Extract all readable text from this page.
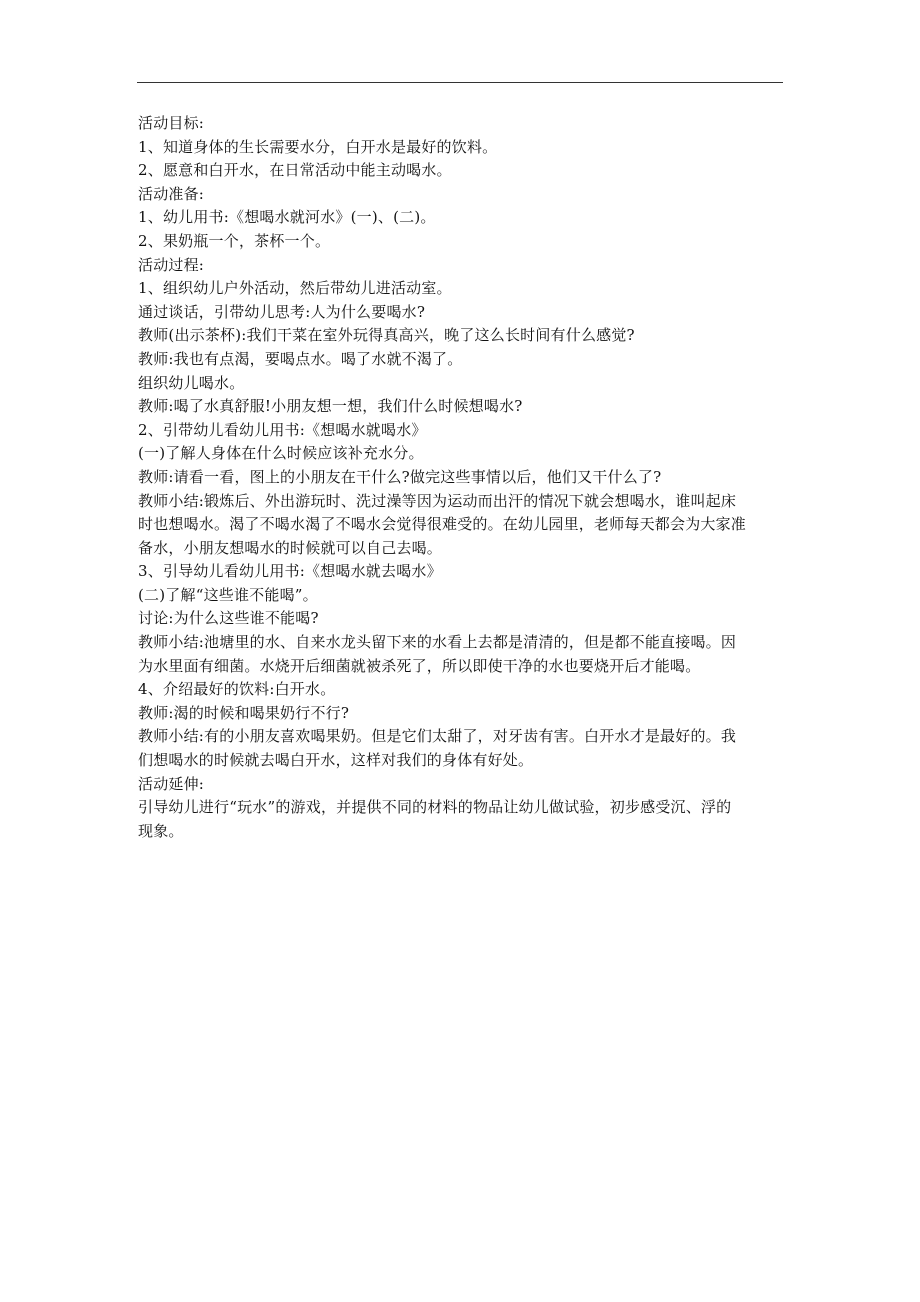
活动目标:
1、知道身体的生长需要水分，白开水是最好的饮料。
2、愿意和白开水，在日常活动中能主动喝水。
活动准备:
1、幼儿用书:《想喝水就河水》(一)、(二)。
2、果奶瓶一个，茶杯一个。
活动过程:
1、组织幼儿户外活动，然后带幼儿进活动室。
通过谈话，引带幼儿思考:人为什么要喝水?
教师(出示茶杯):我们干菜在室外玩得真高兴，晚了这么长时间有什么感觉?
教师:我也有点渴，要喝点水。喝了水就不渴了。
组织幼儿喝水。
教师:喝了水真舒服!小朋友想一想，我们什么时候想喝水?
2、引带幼儿看幼儿用书:《想喝水就喝水》
(一)了解人身体在什么时候应该补充水分。
教师:请看一看，图上的小朋友在干什么?做完这些事情以后，他们又干什么了?
教师小结:锻炼后、外出游玩时、洗过澡等因为运动而出汗的情况下就会想喝水，谁叫起床
时也想喝水。渴了不喝水渴了不喝水会觉得很难受的。在幼儿园里，老师每天都会为大家准
备水，小朋友想喝水的时候就可以自己去喝。
3、引导幼儿看幼儿用书:《想喝水就去喝水》
(二)了解“这些谁不能喝”。
讨论:为什么这些谁不能喝?
教师小结:池塘里的水、自来水龙头留下来的水看上去都是清清的，但是都不能直接喝。因
为水里面有细菌。水烧开后细菌就被杀死了，所以即使干净的水也要烧开后才能喝。
4、介绍最好的饮料:白开水。
教师:渴的时候和喝果奶行不行?
教师小结:有的小朋友喜欢喝果奶。但是它们太甜了，对牙齿有害。白开水才是最好的。我
们想喝水的时候就去喝白开水，这样对我们的身体有好处。
活动延伸:
引导幼儿进行“玩水”的游戏，并提供不同的材料的物品让幼儿做试验，初步感受沉、浮的
现象。
